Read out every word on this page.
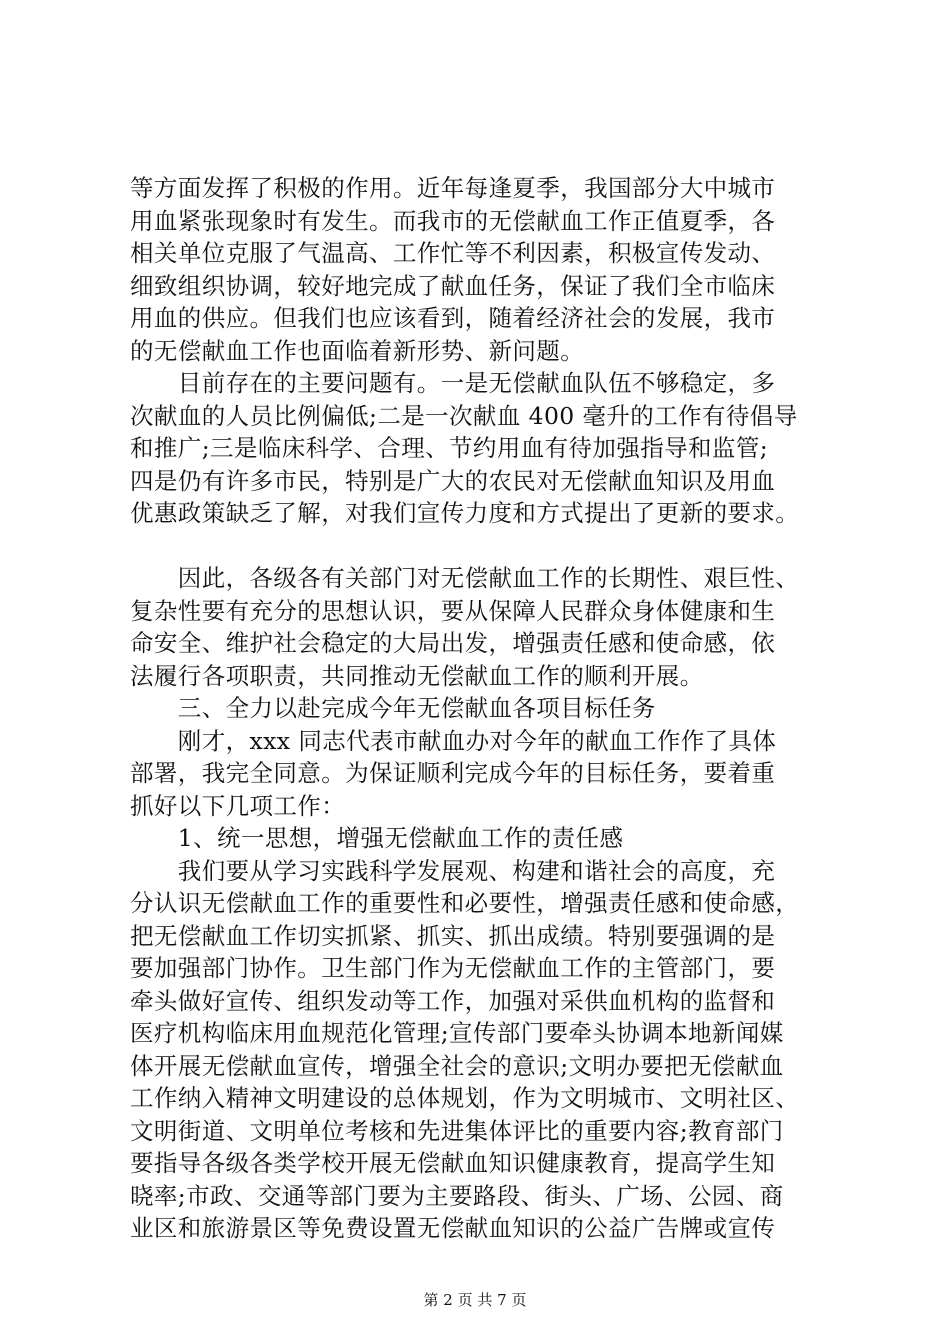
等方面发挥了积极的作用。近年每逢夏季，我国部分大中城市
用血紧张现象时有发生。而我市的无偿献血工作正值夏季，各
相关单位克服了气温高、工作忙等不利因素，积极宣传发动、
细致组织协调，较好地完成了献血任务，保证了我们全市临床
用血的供应。但我们也应该看到，随着经济社会的发展，我市
的无偿献血工作也面临着新形势、新问题。
　　目前存在的主要问题有。一是无偿献血队伍不够稳定，多
次献血的人员比例偏低;二是一次献血 400 毫升的工作有待倡导
和推广;三是临床科学、合理、节约用血有待加强指导和监管;
四是仍有许多市民，特别是广大的农民对无偿献血知识及用血
优惠政策缺乏了解，对我们宣传力度和方式提出了更新的要求。
　　因此，各级各有关部门对无偿献血工作的长期性、艰巨性、
复杂性要有充分的思想认识，要从保障人民群众身体健康和生
命安全、维护社会稳定的大局出发，增强责任感和使命感，依
法履行各项职责，共同推动无偿献血工作的顺利开展。
　　三、全力以赴完成今年无偿献血各项目标任务
　　刚才，xxx 同志代表市献血办对今年的献血工作作了具体
部署，我完全同意。为保证顺利完成今年的目标任务，要着重
抓好以下几项工作：
　　1、统一思想，增强无偿献血工作的责任感
　　我们要从学习实践科学发展观、构建和谐社会的高度，充
分认识无偿献血工作的重要性和必要性，增强责任感和使命感，
把无偿献血工作切实抓紧、抓实、抓出成绩。特别要强调的是
要加强部门协作。卫生部门作为无偿献血工作的主管部门，要
牵头做好宣传、组织发动等工作，加强对采供血机构的监督和
医疗机构临床用血规范化管理;宣传部门要牵头协调本地新闻媒
体开展无偿献血宣传，增强全社会的意识;文明办要把无偿献血
工作纳入精神文明建设的总体规划，作为文明城市、文明社区、
文明街道、文明单位考核和先进集体评比的重要内容;教育部门
要指导各级各类学校开展无偿献血知识健康教育，提高学生知
晓率;市政、交通等部门要为主要路段、街头、广场、公园、商
业区和旅游景区等免费设置无偿献血知识的公益广告牌或宣传
第 2 页 共 7 页
